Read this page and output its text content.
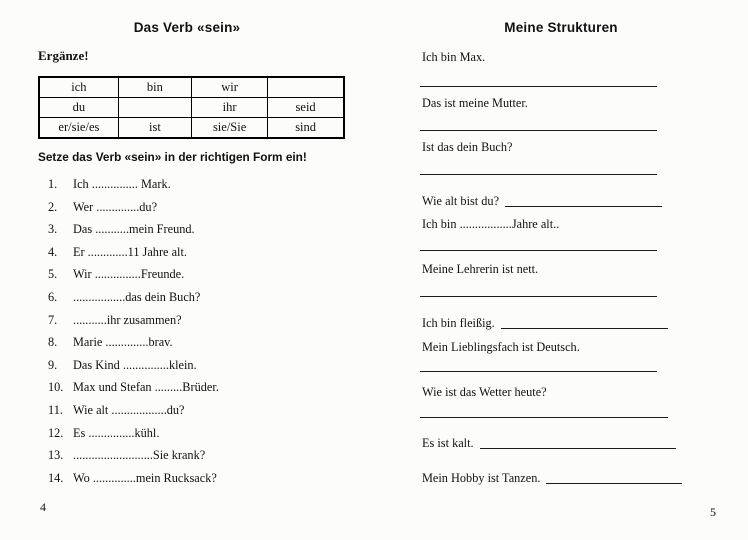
Das Verb «sein»
Ergänze!
ich	bin	wir	
du		ihr	seid
er/sie/es	ist	sie/Sie	sind
Setze das Verb «sein» in der richtigen Form ein!
1.	Ich ............... Mark.
2.	Wer ..............du?
3.	Das ...........mein Freund.
4.	Er .............11 Jahre alt.
5.	Wir ...............Freunde.
6.	.................das dein Buch?
7.	...........ihr zusammen?
8.	Marie ..............brav.
9.	Das Kind ...............klein.
10. Max und Stefan .........Brüder.
11. Wie alt ..................du?
12. Es ...............kühl.
13. ..........................Sie krank?
14. Wo ..............mein Rucksack?
4
Meine Strukturen
Ich bin Max.
Das ist meine Mutter.
Ist das dein Buch?
Wie alt bist du?
Ich bin .................Jahre alt..
Meine Lehrerin ist nett.
Ich bin fleißig.
Mein Lieblingsfach ist Deutsch.
Wie ist das Wetter heute?
Es ist kalt.
Mein Hobby ist Tanzen.
5
